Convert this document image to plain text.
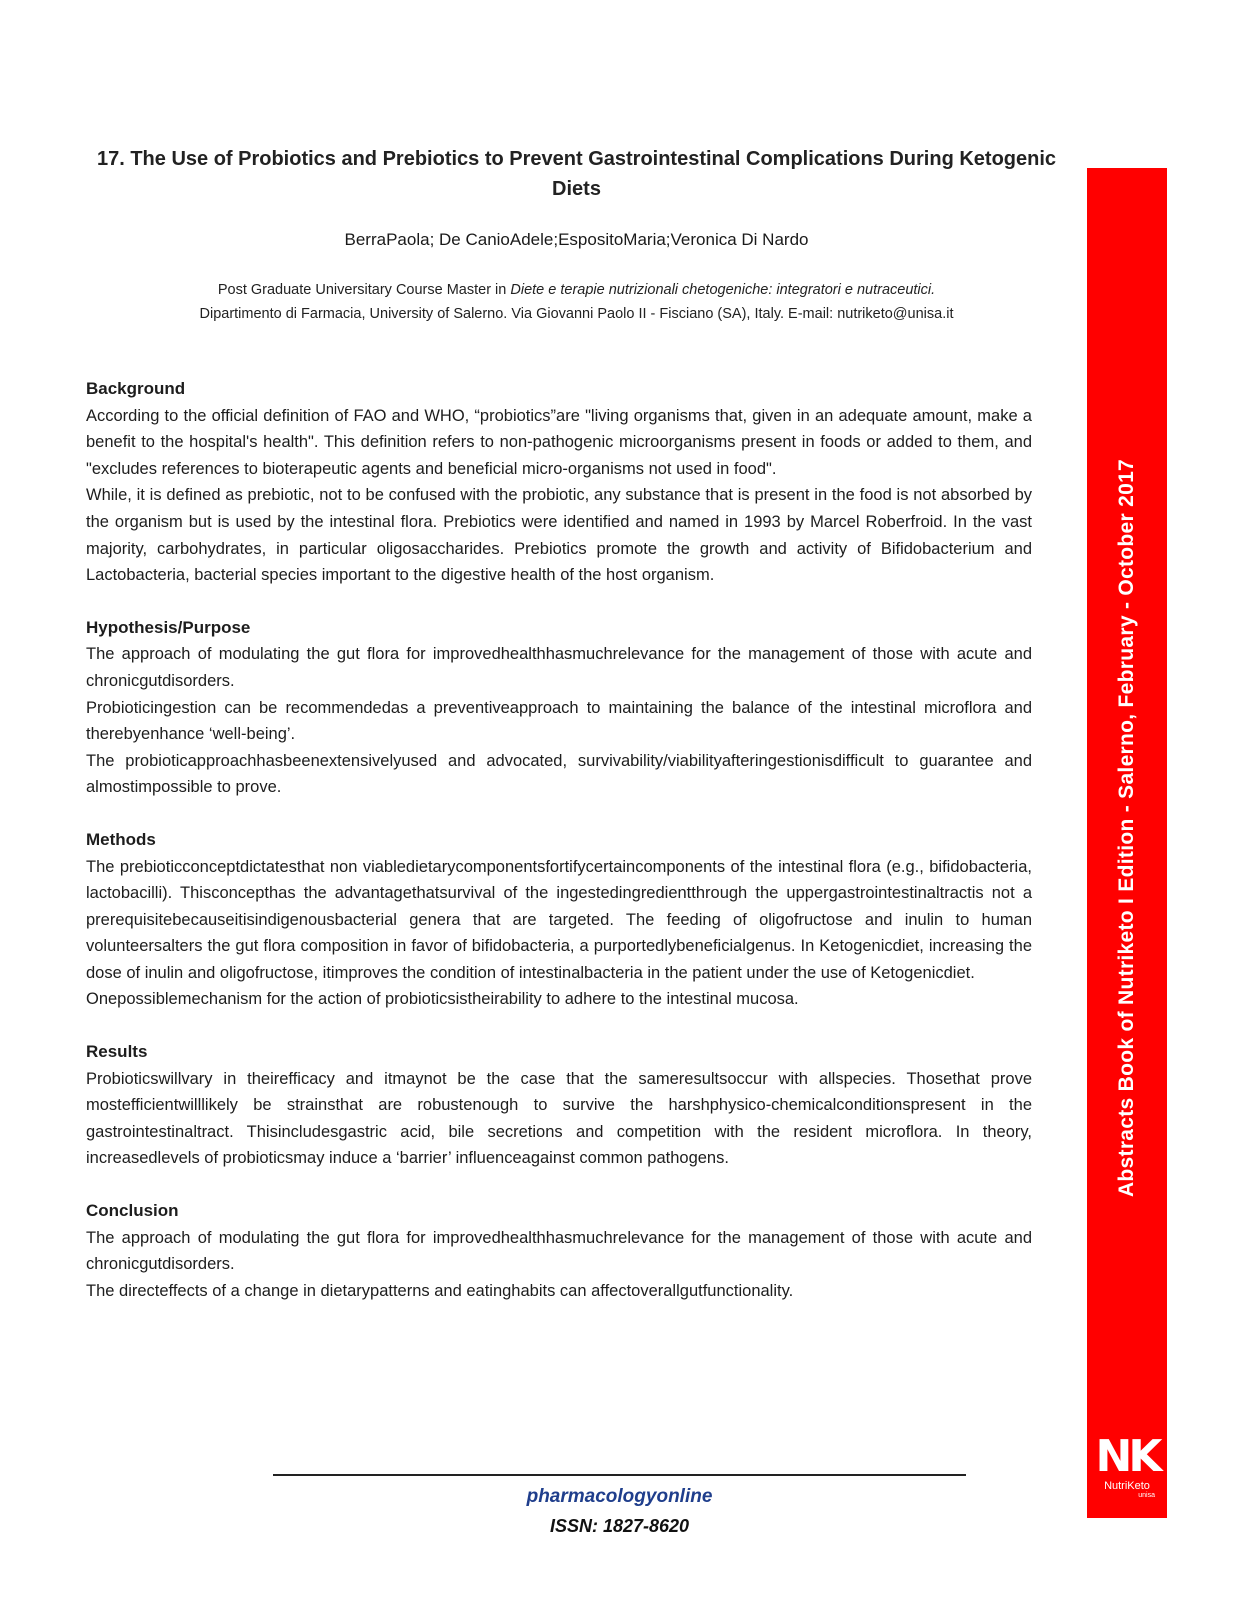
17. The Use of Probiotics and Prebiotics to Prevent Gastrointestinal Complications During Ketogenic Diets
BerraPaola; De CanioAdele;EspositoMaria;Veronica Di Nardo
Post Graduate Universitary Course Master in Diete e terapie nutrizionali chetogeniche: integratori e nutraceutici.
Dipartimento di Farmacia, University of Salerno. Via Giovanni Paolo II - Fisciano (SA), Italy. E-mail: nutriketo@unisa.it

Background

According to the official definition of FAO and WHO, “probiotics”are "living organisms that, given in an adequate amount, make a benefit to the hospital's health". This definition refers to non-pathogenic microorganisms present in foods or added to them, and "excludes references to bioterapeutic agents and beneficial micro-organisms not used in food".

While, it is defined as prebiotic, not to be confused with the probiotic, any substance that is present in the food is not absorbed by the organism but is used by the intestinal flora. Prebiotics were identified and named in 1993 by Marcel Roberfroid. In the vast majority, carbohydrates, in particular oligosaccharides. Prebiotics promote the growth and activity of Bifidobacterium and Lactobacteria, bacterial species important to the digestive health of the host organism.

Hypothesis/Purpose

The approach of modulating the gut flora for improvedhealthhasmuchrelevance for the management of those with acute and chronicgutdisorders.

Probioticingestion can be recommendedas a preventiveapproach to maintaining the balance of the intestinal microflora and therebyenhance ‘well-being’.

The probioticapproachhasbeenextensivelyused and advocated, survivability/viabilityafteringestionisdifficult to guarantee and almostimpossible to prove.

Methods

The prebioticconceptdictatesthat non viabledietarycomponentsfortifycertaincomponents of the intestinal flora (e.g., bifidobacteria, lactobacilli). Thisconcepthas the advantagethatsurvival of the ingestedingredientthrough the uppergastrointestinaltractis not a prerequisitebecauseitisindigenousbacterial genera that are targeted. The feeding of oligofructose and inulin to human volunteersalters the gut flora composition in favor of bifidobacteria, a purportedlybeneficialgenus. In Ketogenicdiet, increasing the dose of inulin and oligofructose, itimproves the condition of intestinalbacteria in the patient under the use of Ketogenicdiet.

Onepossiblemechanism for the action of probioticsistheirability to adhere to the intestinal mucosa.

Results

Probioticswillvary in theirefficacy and itmaynot be the case that the sameresultsoccur with allspecies. Thosethat prove mostefficientwilllikely be strainsthat are robustenough to survive the harshphysico-chemicalconditionspresent in the gastrointestinaltract. Thisincludesgastric acid, bile secretions and competition with the resident microflora. In theory, increasedlevels of probioticsmay induce a ‘barrier’ influenceagainst common pathogens.

Conclusion

The approach of modulating the gut flora for improvedhealthhasmuchrelevance for the management of those with acute and chronicgutdisorders.

The directeffects of a change in dietarypatterns and eatinghabits can affectoverallgutfunctionality.

Abstracts Book of Nutriketo I Edition - Salerno, February - October 2017
NK
NutriKeto
unisa
pharmacologyonline
ISSN: 1827-8620
